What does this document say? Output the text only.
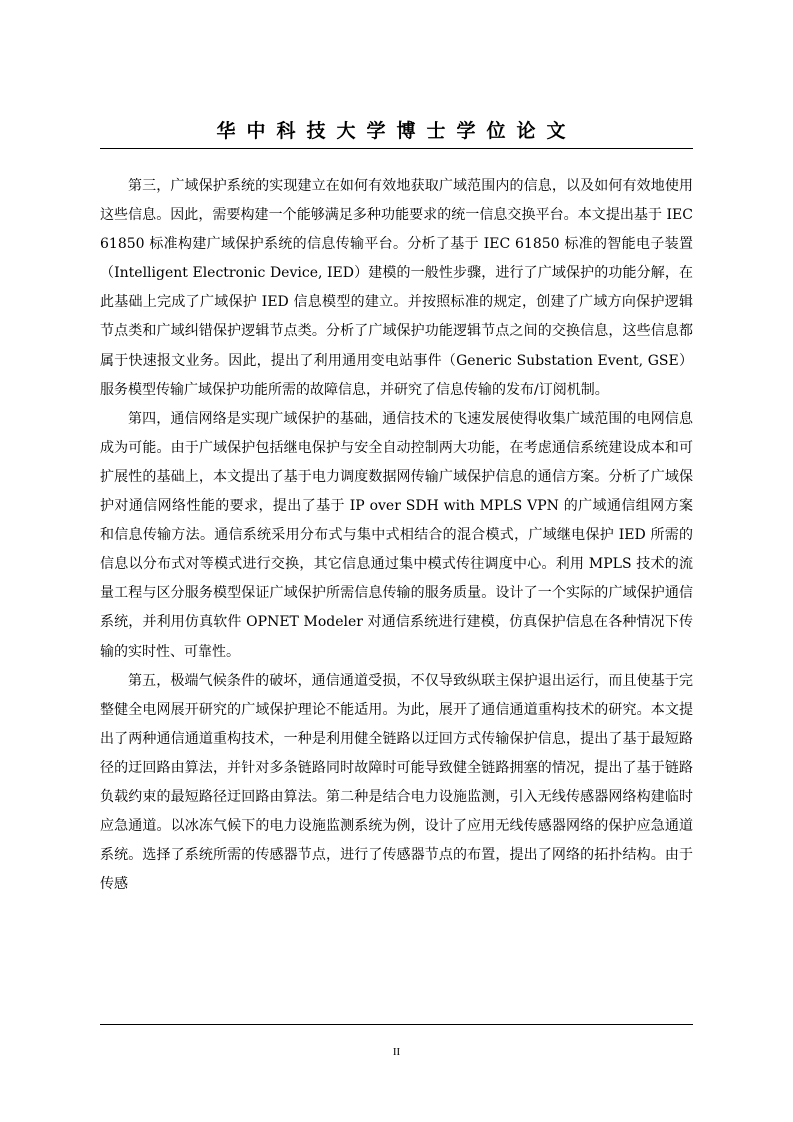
华中科技大学博士学位论文

第三，广域保护系统的实现建立在如何有效地获取广域范围内的信息，以及如何有效地使用这些信息。因此，需要构建一个能够满足多种功能要求的统一信息交换平台。本文提出基于 IEC 61850 标准构建广域保护系统的信息传输平台。分析了基于 IEC 61850 标准的智能电子装置（Intelligent Electronic Device, IED）建模的一般性步骤，进行了广域保护的功能分解，在此基础上完成了广域保护 IED 信息模型的建立。并按照标准的规定，创建了广域方向保护逻辑节点类和广域纠错保护逻辑节点类。分析了广域保护功能逻辑节点之间的交换信息，这些信息都属于快速报文业务。因此，提出了利用通用变电站事件（Generic Substation Event, GSE）服务模型传输广域保护功能所需的故障信息，并研究了信息传输的发布/订阅机制。

第四，通信网络是实现广域保护的基础，通信技术的飞速发展使得收集广域范围的电网信息成为可能。由于广域保护包括继电保护与安全自动控制两大功能，在考虑通信系统建设成本和可扩展性的基础上，本文提出了基于电力调度数据网传输广域保护信息的通信方案。分析了广域保护对通信网络性能的要求，提出了基于 IP over SDH with MPLS VPN 的广域通信组网方案和信息传输方法。通信系统采用分布式与集中式相结合的混合模式，广域继电保护 IED 所需的信息以分布式对等模式进行交换，其它信息通过集中模式传往调度中心。利用 MPLS 技术的流量工程与区分服务模型保证广域保护所需信息传输的服务质量。设计了一个实际的广域保护通信系统，并利用仿真软件 OPNET Modeler 对通信系统进行建模，仿真保护信息在各种情况下传输的实时性、可靠性。

第五，极端气候条件的破坏，通信通道受损，不仅导致纵联主保护退出运行，而且使基于完整健全电网展开研究的广域保护理论不能适用。为此，展开了通信通道重构技术的研究。本文提出了两种通信通道重构技术，一种是利用健全链路以迂回方式传输保护信息，提出了基于最短路径的迂回路由算法，并针对多条链路同时故障时可能导致健全链路拥塞的情况，提出了基于链路负载约束的最短路径迂回路由算法。第二种是结合电力设施监测，引入无线传感器网络构建临时应急通道。以冰冻气候下的电力设施监测系统为例，设计了应用无线传感器网络的保护应急通道系统。选择了系统所需的传感器节点，进行了传感器节点的布置，提出了网络的拓扑结构。由于传感

II
